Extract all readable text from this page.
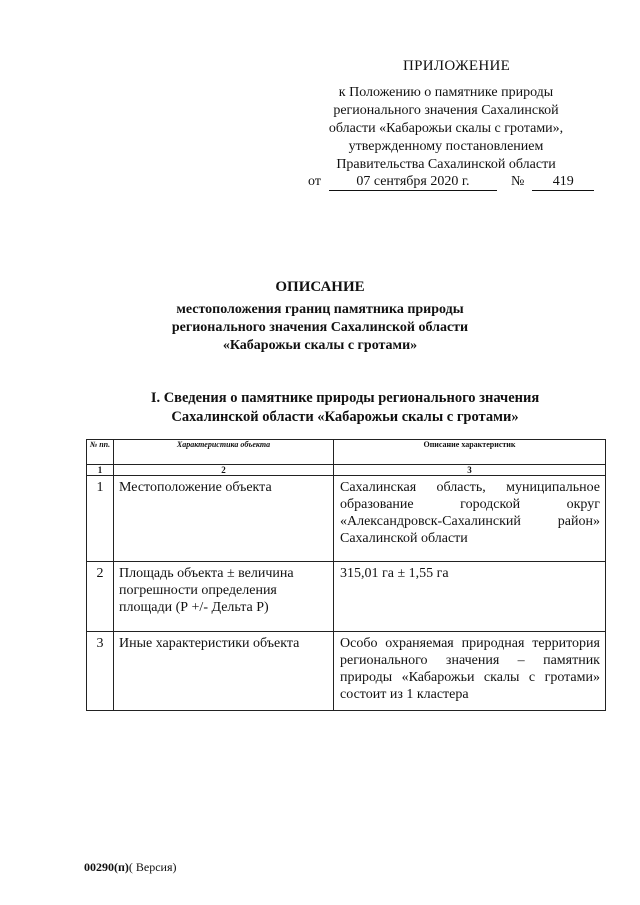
ПРИЛОЖЕНИЕ
к Положению о памятнике природы
регионального значения Сахалинской
области «Кабарожьи скалы с гротами»,
утвержденному постановлением
Правительства Сахалинской области
от	07 сентября 2020 г.	№ 419
ОПИСАНИЕ
местоположения границ памятника природы
регионального значения Сахалинской области
«Кабарожьи скалы с гротами»
I. Сведения о памятнике природы регионального значения
Сахалинской области «Кабарожьи скалы с гротами»
№ пп.	Характеристика объекта	Описание характеристик
1	2	3
1	Местоположение объекта	Сахалинская область, муниципальное образование городской округ «Александровск-Сахалинский район» Сахалинской области
2	Площадь объекта ± величина погрешности определения площади (Р +/- Дельта Р)	315,01 га ± 1,55 га
3	Иные характеристики объекта	Особо охраняемая природная территория регионального значения – памятник природы «Кабарожьи скалы с гротами» состоит из 1 кластера
00290(п)( Версия)
